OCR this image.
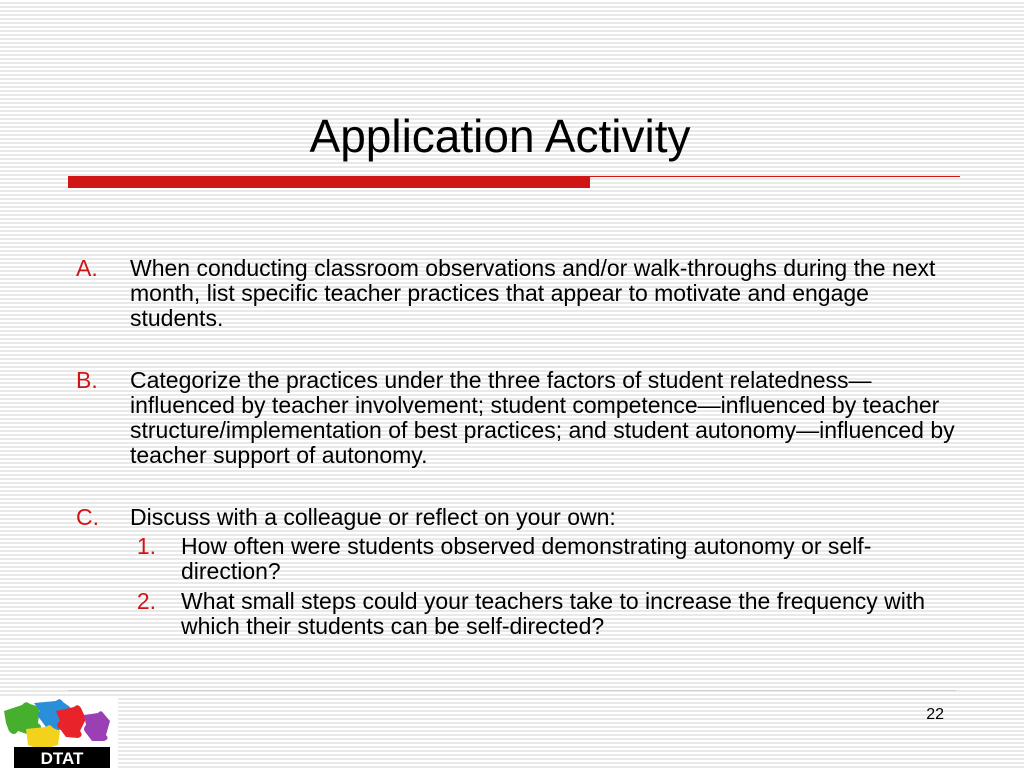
Application Activity
A. When conducting classroom observations and/or walk-throughs during the next month, list specific teacher practices that appear to motivate and engage students.
B. Categorize the practices under the three factors of student relatedness—influenced by teacher involvement; student competence—influenced by teacher structure/implementation of best practices; and student autonomy—influenced by teacher support of autonomy.
C. Discuss with a colleague or reflect on your own:
1. How often were students observed demonstrating autonomy or self-direction?
2. What small steps could your teachers take to increase the frequency with which their students can be self-directed?
22
DTAT
